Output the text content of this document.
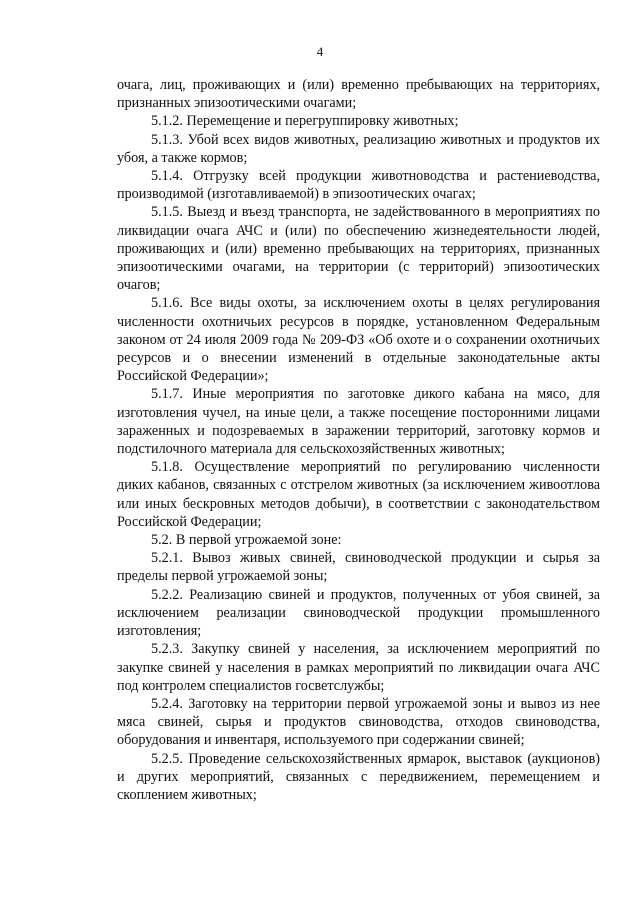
4

очага, лиц, проживающих и (или) временно пребывающих на территориях, признанных эпизоотическими очагами;

5.1.2. Перемещение и перегруппировку животных;

5.1.3. Убой всех видов животных, реализацию животных и продуктов их убоя, а также кормов;

5.1.4. Отгрузку всей продукции животноводства и растениеводства, производимой (изготавливаемой) в эпизоотических очагах;

5.1.5. Выезд и въезд транспорта, не задействованного в мероприятиях по ликвидации очага АЧС и (или) по обеспечению жизнедеятельности людей, проживающих и (или) временно пребывающих на территориях, признанных эпизоотическими очагами, на территории (с территорий) эпизоотических очагов;

5.1.6. Все виды охоты, за исключением охоты в целях регулирования численности охотничьих ресурсов в порядке, установленном Федеральным законом от 24 июля 2009 года № 209-ФЗ «Об охоте и о сохранении охотничьих ресурсов и о внесении изменений в отдельные законодательные акты Российской Федерации»;

5.1.7. Иные мероприятия по заготовке дикого кабана на мясо, для изготовления чучел, на иные цели, а также посещение посторонними лицами зараженных и подозреваемых в заражении территорий, заготовку кормов и подстилочного материала для сельскохозяйственных животных;

5.1.8. Осуществление мероприятий по регулированию численности диких кабанов, связанных с отстрелом животных (за исключением живоотлова или иных бескровных методов добычи), в соответствии с законодательством Российской Федерации;

5.2. В первой угрожаемой зоне:

5.2.1. Вывоз живых свиней, свиноводческой продукции и сырья за пределы первой угрожаемой зоны;

5.2.2. Реализацию свиней и продуктов, полученных от убоя свиней, за исключением реализации свиноводческой продукции промышленного изготовления;

5.2.3. Закупку свиней у населения, за исключением мероприятий по закупке свиней у населения в рамках мероприятий по ликвидации очага АЧС под контролем специалистов госветслужбы;

5.2.4. Заготовку на территории первой угрожаемой зоны и вывоз из нее мяса свиней, сырья и продуктов свиноводства, отходов свиноводства, оборудования и инвентаря, используемого при содержании свиней;

5.2.5. Проведение сельскохозяйственных ярмарок, выставок (аукционов) и других мероприятий, связанных с передвижением, перемещением и скоплением животных;
